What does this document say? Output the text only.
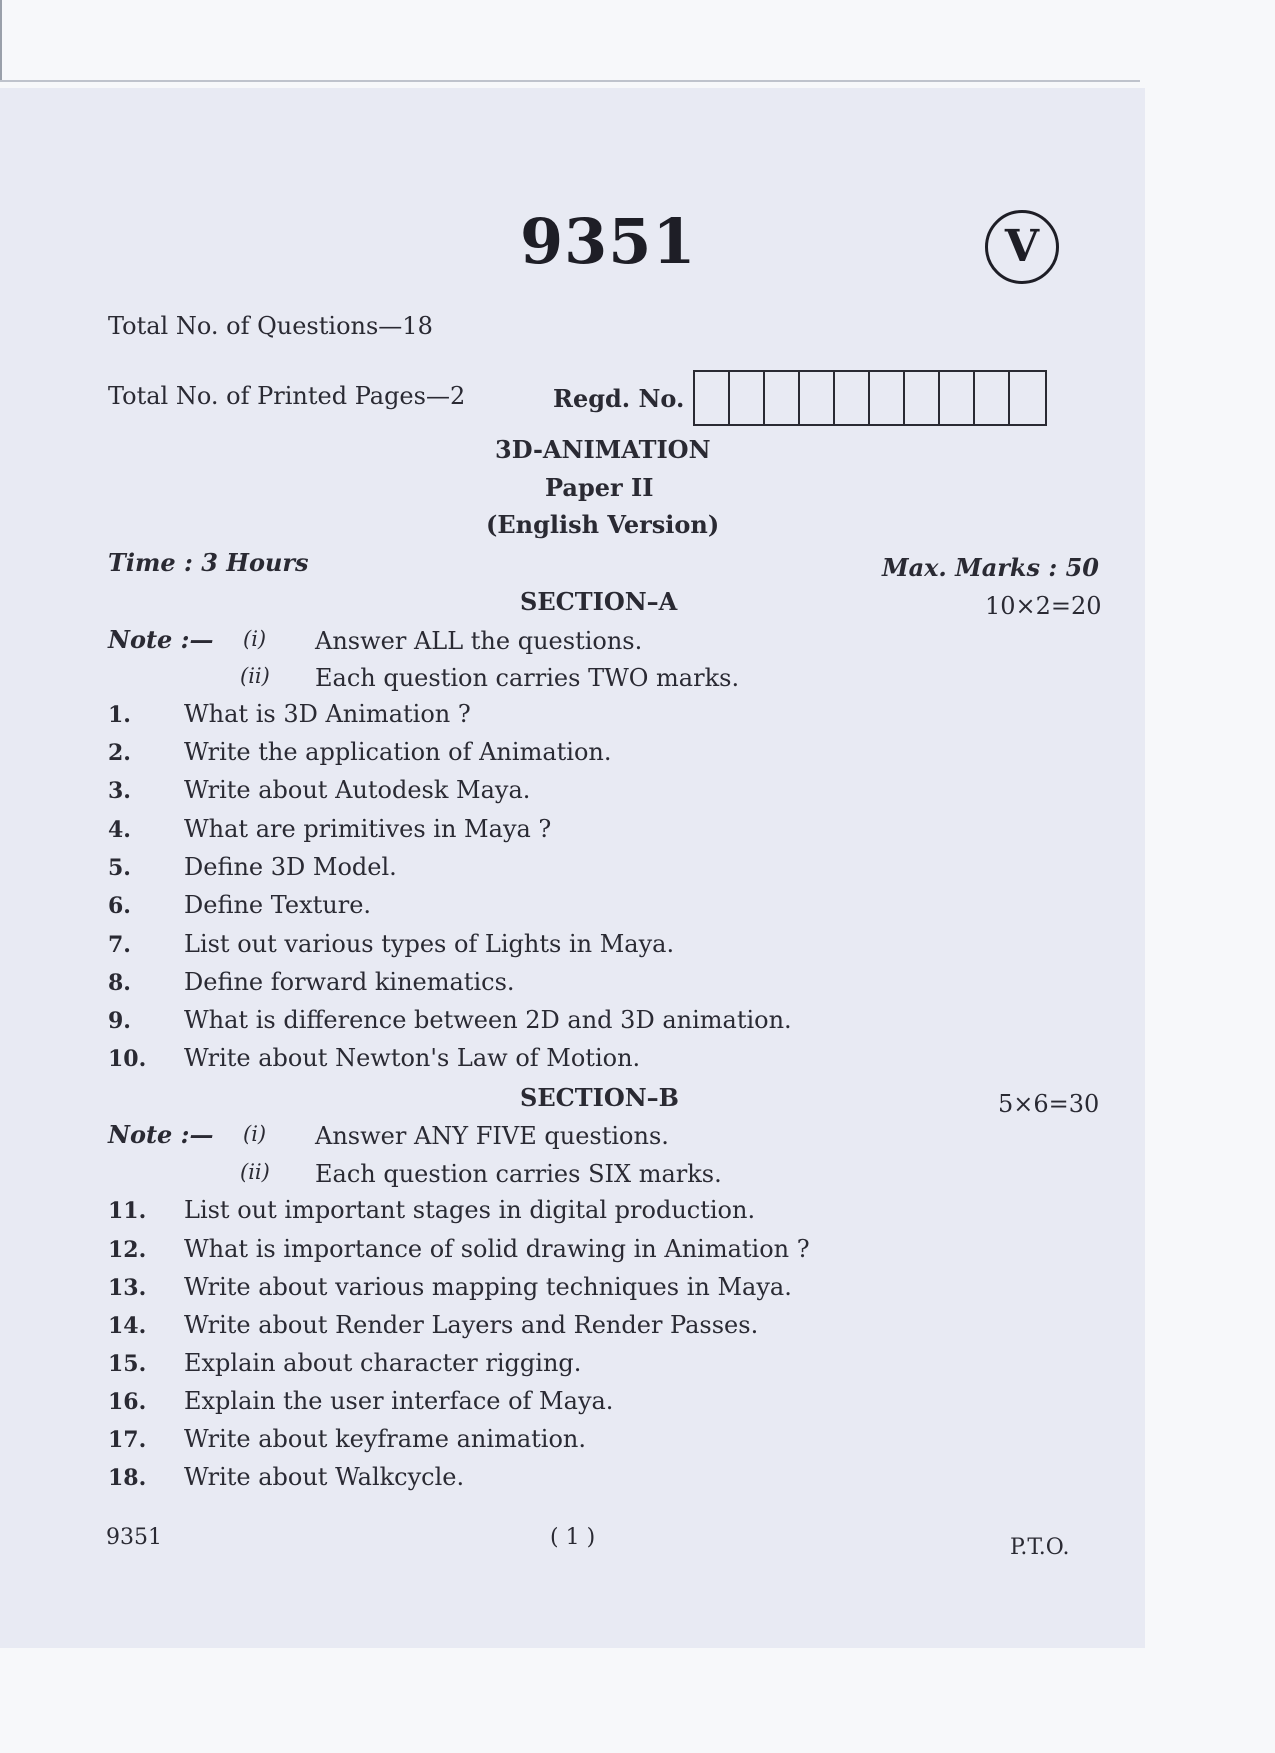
9351	V
Total No. of Questions—18
Total No. of Printed Pages—2	Regd. No.
3D-ANIMATION
Paper II
(English Version)
Time : 3 Hours	Max. Marks : 50
SECTION–A	10×2=20
Note :— (i) Answer ALL the questions.
(ii) Each question carries TWO marks.
1. What is 3D Animation ?
2. Write the application of Animation.
3. Write about Autodesk Maya.
4. What are primitives in Maya ?
5. Define 3D Model.
6. Define Texture.
7. List out various types of Lights in Maya.
8. Define forward kinematics.
9. What is difference between 2D and 3D animation.
10. Write about Newton's Law of Motion.
SECTION–B	5×6=30
Note :— (i) Answer ANY FIVE questions.
(ii) Each question carries SIX marks.
11. List out important stages in digital production.
12. What is importance of solid drawing in Animation ?
13. Write about various mapping techniques in Maya.
14. Write about Render Layers and Render Passes.
15. Explain about character rigging.
16. Explain the user interface of Maya.
17. Write about keyframe animation.
18. Write about Walkcycle.
9351	( 1 )	P.T.O.
